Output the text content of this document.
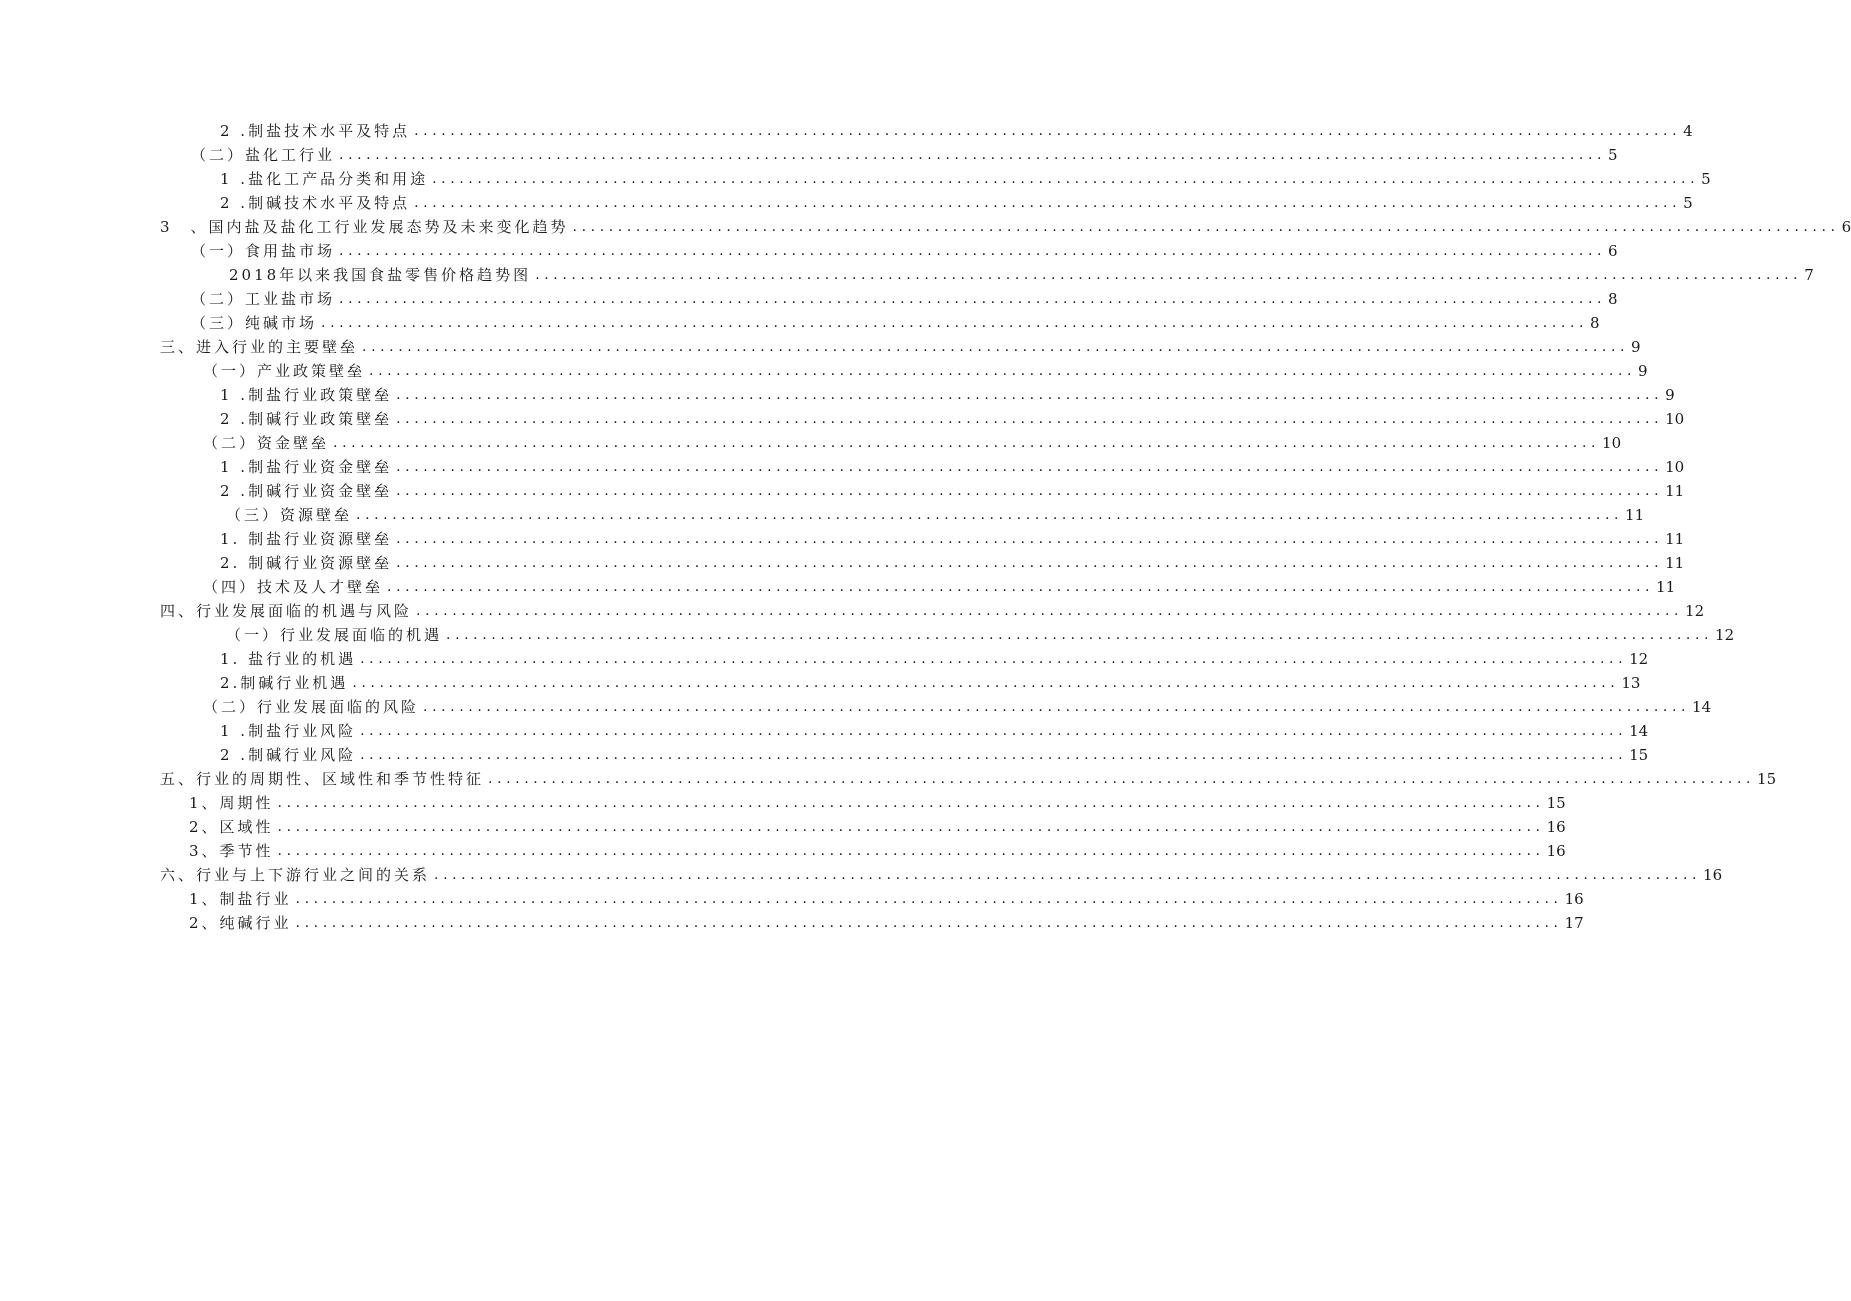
2 .制盐技术水平及特点 ............................................................................................................................................ 4
（二）盐化工行业 ............................................................................................................................................ 5
1 .盐化工产品分类和用途 ............................................................................................................................................ 5
2 .制碱技术水平及特点 ............................................................................................................................................ 5
3　、国内盐及盐化工行业发展态势及未来变化趋势 ............................................................................................................................................ 6
（一）食用盐市场 ............................................................................................................................................ 6
2018年以来我国食盐零售价格趋势图 ............................................................................................................................................ 7
（二）工业盐市场 ............................................................................................................................................ 8
（三）纯碱市场 ............................................................................................................................................ 8
三、进入行业的主要壁垒 ............................................................................................................................................ 9
（一）产业政策壁垒 ............................................................................................................................................ 9
1 .制盐行业政策壁垒 ............................................................................................................................................ 9
2 .制碱行业政策壁垒 ............................................................................................................................................ 10
（二）资金壁垒 ............................................................................................................................................ 10
1 .制盐行业资金壁垒 ............................................................................................................................................ 10
2 .制碱行业资金壁垒 ............................................................................................................................................ 11
（三）资源壁垒 ............................................................................................................................................ 11
1. 制盐行业资源壁垒 ............................................................................................................................................ 11
2. 制碱行业资源壁垒 ............................................................................................................................................ 11
（四）技术及人才壁垒 ............................................................................................................................................ 11
四、行业发展面临的机遇与风险 ............................................................................................................................................ 12
（一）行业发展面临的机遇 ............................................................................................................................................ 12
1. 盐行业的机遇 ............................................................................................................................................ 12
2.制碱行业机遇 ............................................................................................................................................ 13
（二）行业发展面临的风险 ............................................................................................................................................ 14
1 .制盐行业风险 ............................................................................................................................................ 14
2 .制碱行业风险 ............................................................................................................................................ 15
五、行业的周期性、区域性和季节性特征 ............................................................................................................................................ 15
1、周期性 ............................................................................................................................................ 15
2、区域性 ............................................................................................................................................ 16
3、季节性 ............................................................................................................................................ 16
六、行业与上下游行业之间的关系 ............................................................................................................................................ 16
1、制盐行业 ............................................................................................................................................ 16
2、纯碱行业 ............................................................................................................................................ 17
